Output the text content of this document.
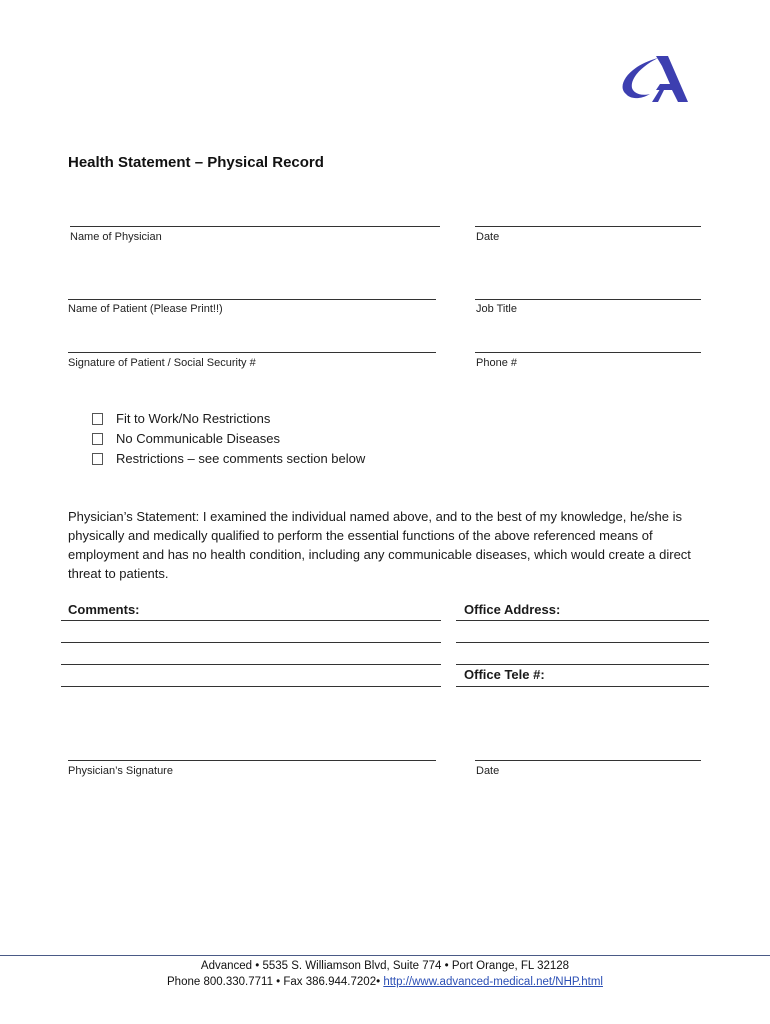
Health Statement – Physical Record
Name of Physician	Date
Name of Patient (Please Print!!)	Job Title
Signature of Patient / Social Security #	Phone #
Fit to Work/No Restrictions
No Communicable Diseases
Restrictions – see comments section below
Physician’s Statement: I examined the individual named above, and to the best of my knowledge, he/she is physically and medically qualified to perform the essential functions of the above referenced means of employment and has no health condition, including any communicable diseases, which would create a direct threat to patients.
Comments:	Office Address:
Office Tele #:
Physician’s Signature	Date
Advanced • 5535 S. Williamson Blvd, Suite 774 • Port Orange, FL 32128
Phone 800.330.7711 • Fax 386.944.7202• http://www.advanced-medical.net/NHP.html
